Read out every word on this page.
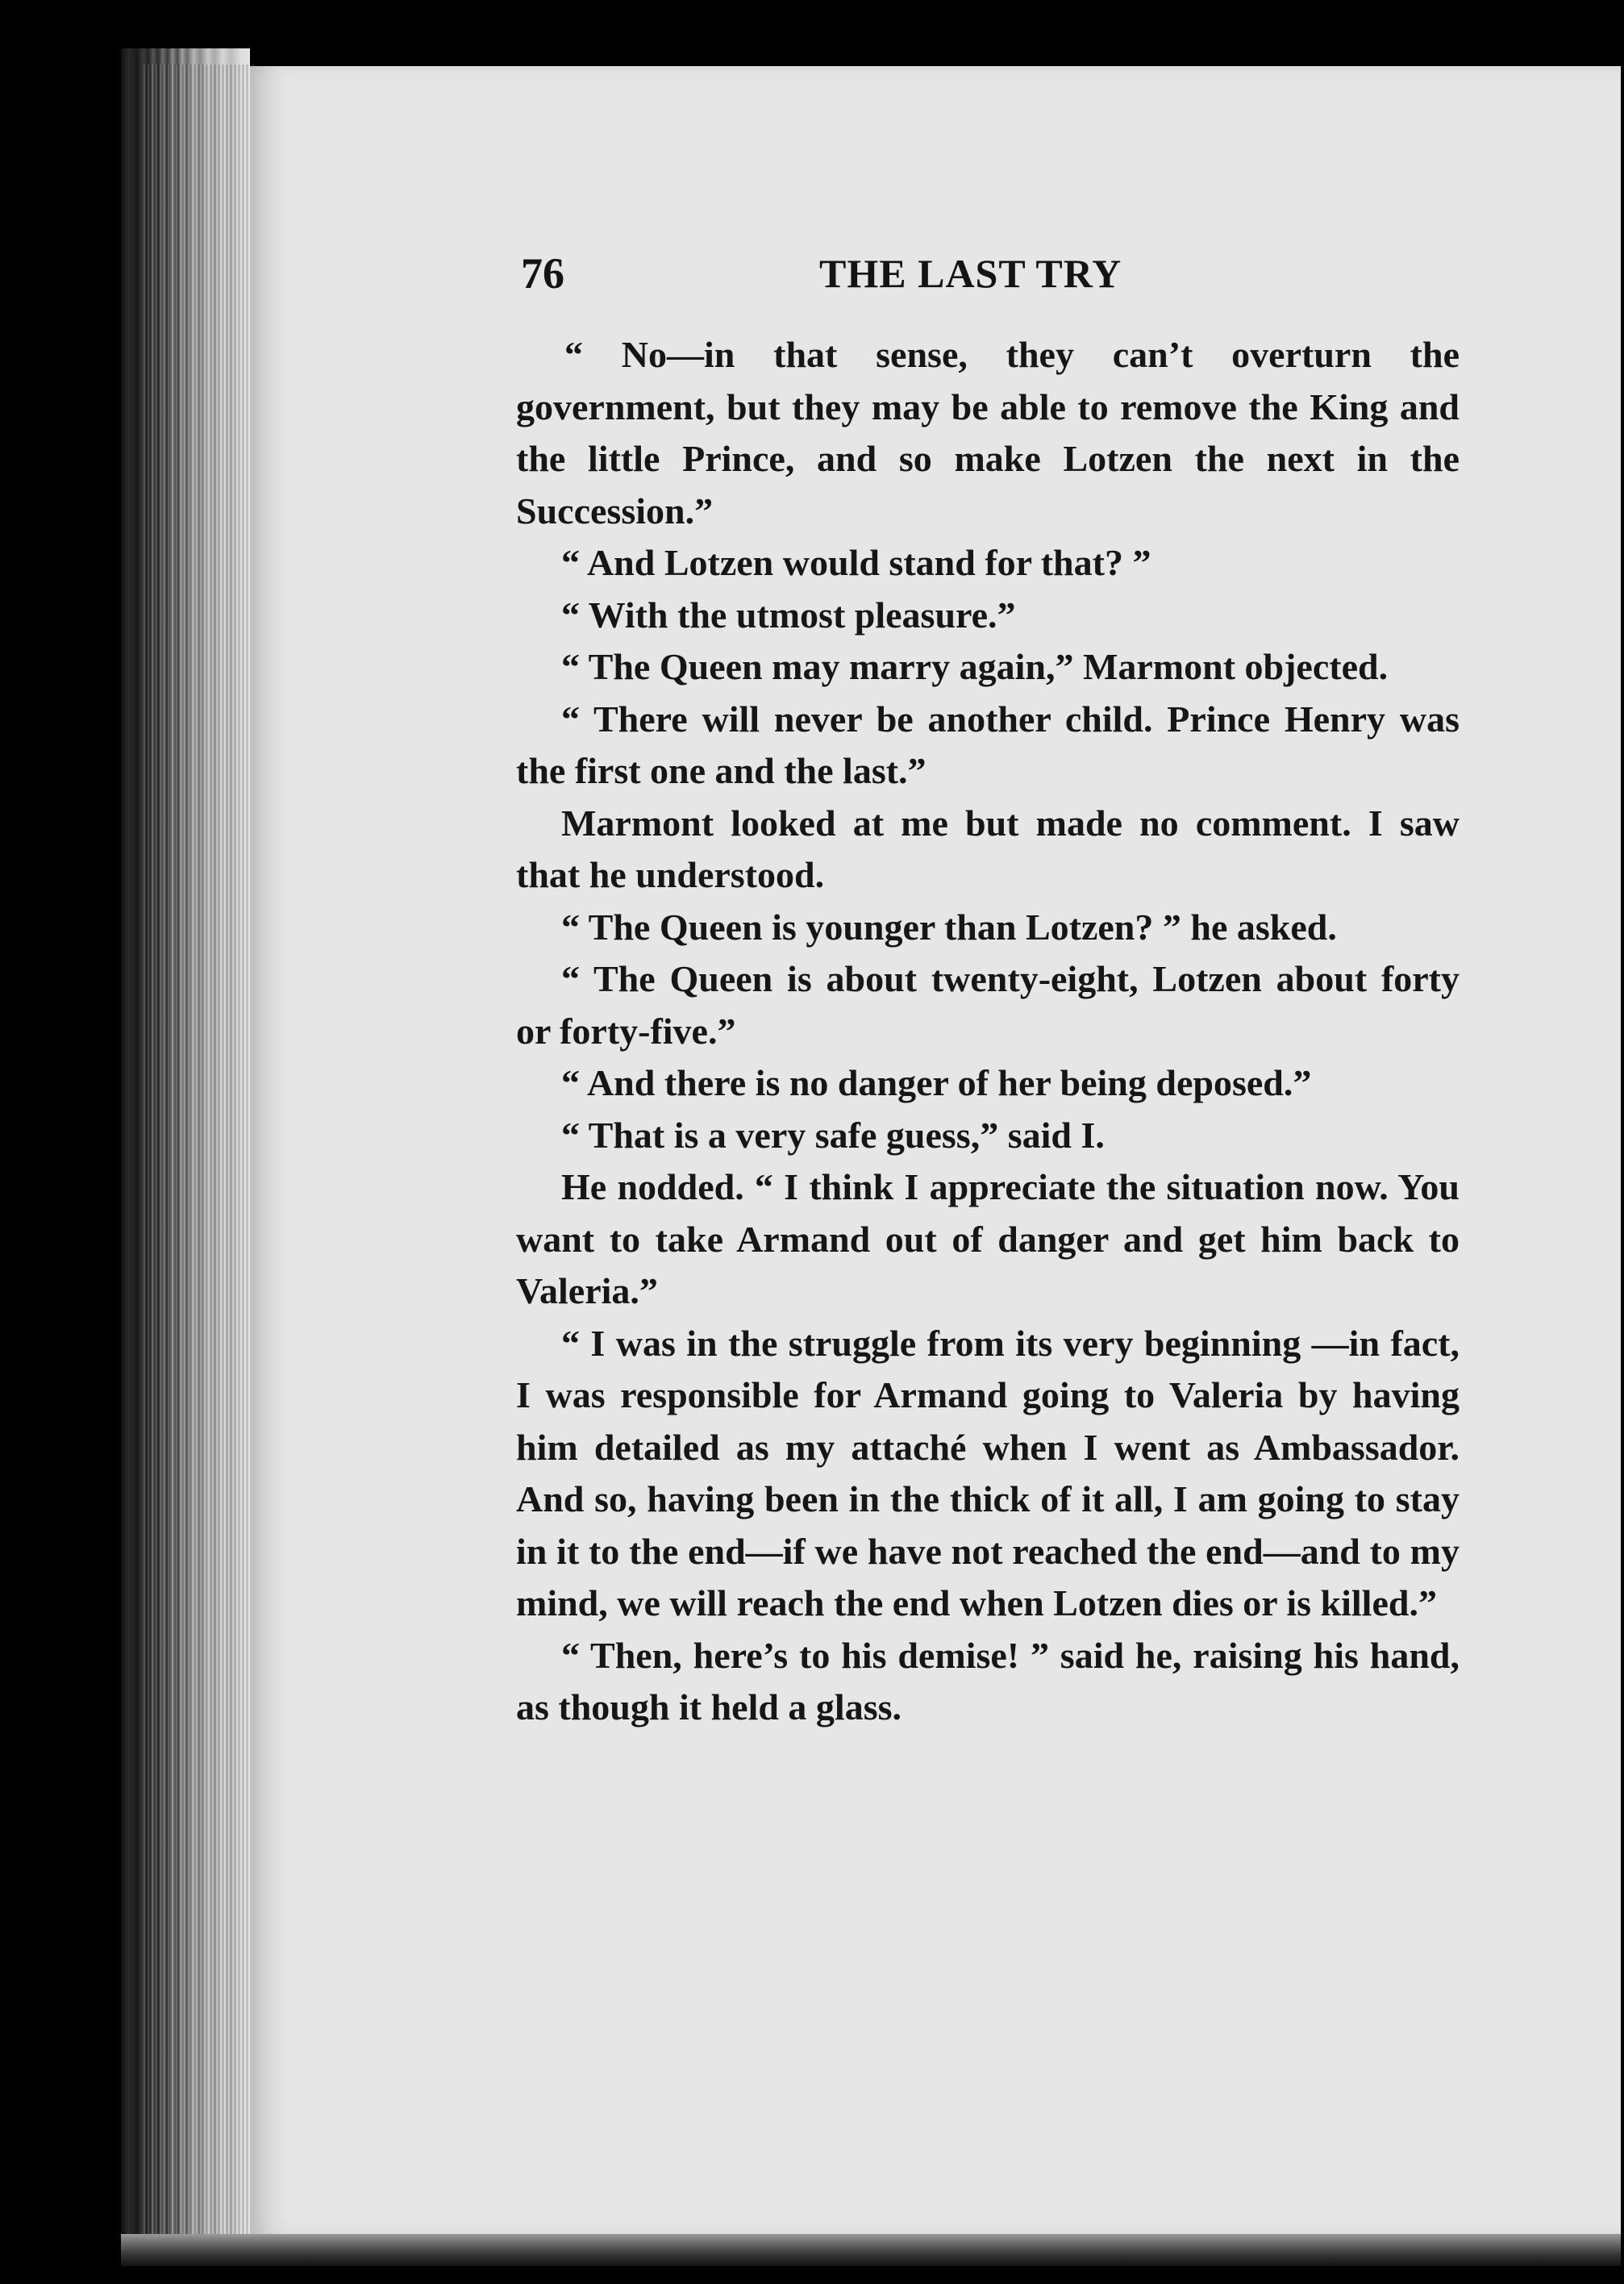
76	THE LAST TRY

“ No—in that sense, they can’t overturn the government, but they may be able to remove the King and the little Prince, and so make Lotzen the next in the Succession.”

“ And Lotzen would stand for that? ”

“ With the utmost pleasure.”

“ The Queen may marry again,” Marmont objected.

“ There will never be another child. Prince Henry was the first one and the last.”

Marmont looked at me but made no comment. I saw that he understood.

“ The Queen is younger than Lotzen? ” he asked.

“ The Queen is about twenty-eight, Lotzen about forty or forty-five.”

“ And there is no danger of her being deposed.”

“ That is a very safe guess,” said I.

He nodded. “ I think I appreciate the situation now. You want to take Armand out of danger and get him back to Valeria.”

“ I was in the struggle from its very beginning —in fact, I was responsible for Armand going to Valeria by having him detailed as my attaché when I went as Ambassador. And so, having been in the thick of it all, I am going to stay in it to the end—if we have not reached the end—and to my mind, we will reach the end when Lotzen dies or is killed.”

“ Then, here’s to his demise! ” said he, raising his hand, as though it held a glass.
